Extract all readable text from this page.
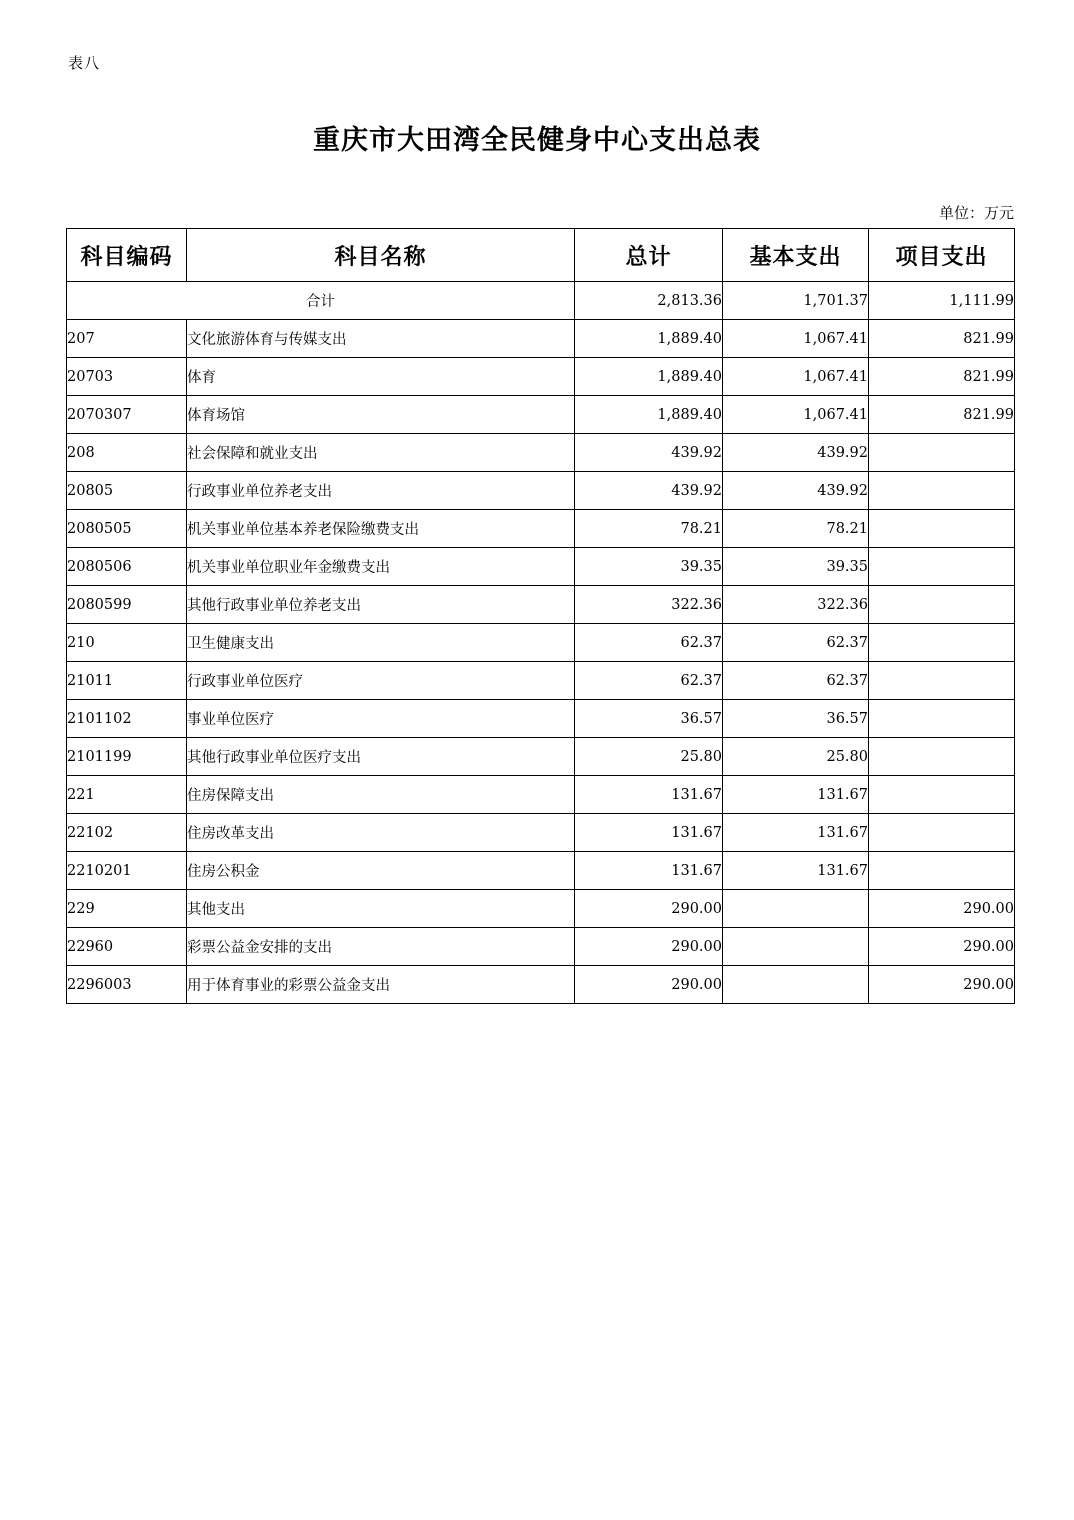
表八
重庆市大田湾全民健身中心支出总表
单位：万元
科目编码	科目名称	总计	基本支出	项目支出
合计		2,813.36	1,701.37	1,111.99
207	文化旅游体育与传媒支出	1,889.40	1,067.41	821.99
20703	体育	1,889.40	1,067.41	821.99
2070307	体育场馆	1,889.40	1,067.41	821.99
208	社会保障和就业支出	439.92	439.92	
20805	行政事业单位养老支出	439.92	439.92	
2080505	机关事业单位基本养老保险缴费支出	78.21	78.21	
2080506	机关事业单位职业年金缴费支出	39.35	39.35	
2080599	其他行政事业单位养老支出	322.36	322.36	
210	卫生健康支出	62.37	62.37	
21011	行政事业单位医疗	62.37	62.37	
2101102	事业单位医疗	36.57	36.57	
2101199	其他行政事业单位医疗支出	25.80	25.80	
221	住房保障支出	131.67	131.67	
22102	住房改革支出	131.67	131.67	
2210201	住房公积金	131.67	131.67	
229	其他支出	290.00		290.00
22960	彩票公益金安排的支出	290.00		290.00
2296003	用于体育事业的彩票公益金支出	290.00		290.00
